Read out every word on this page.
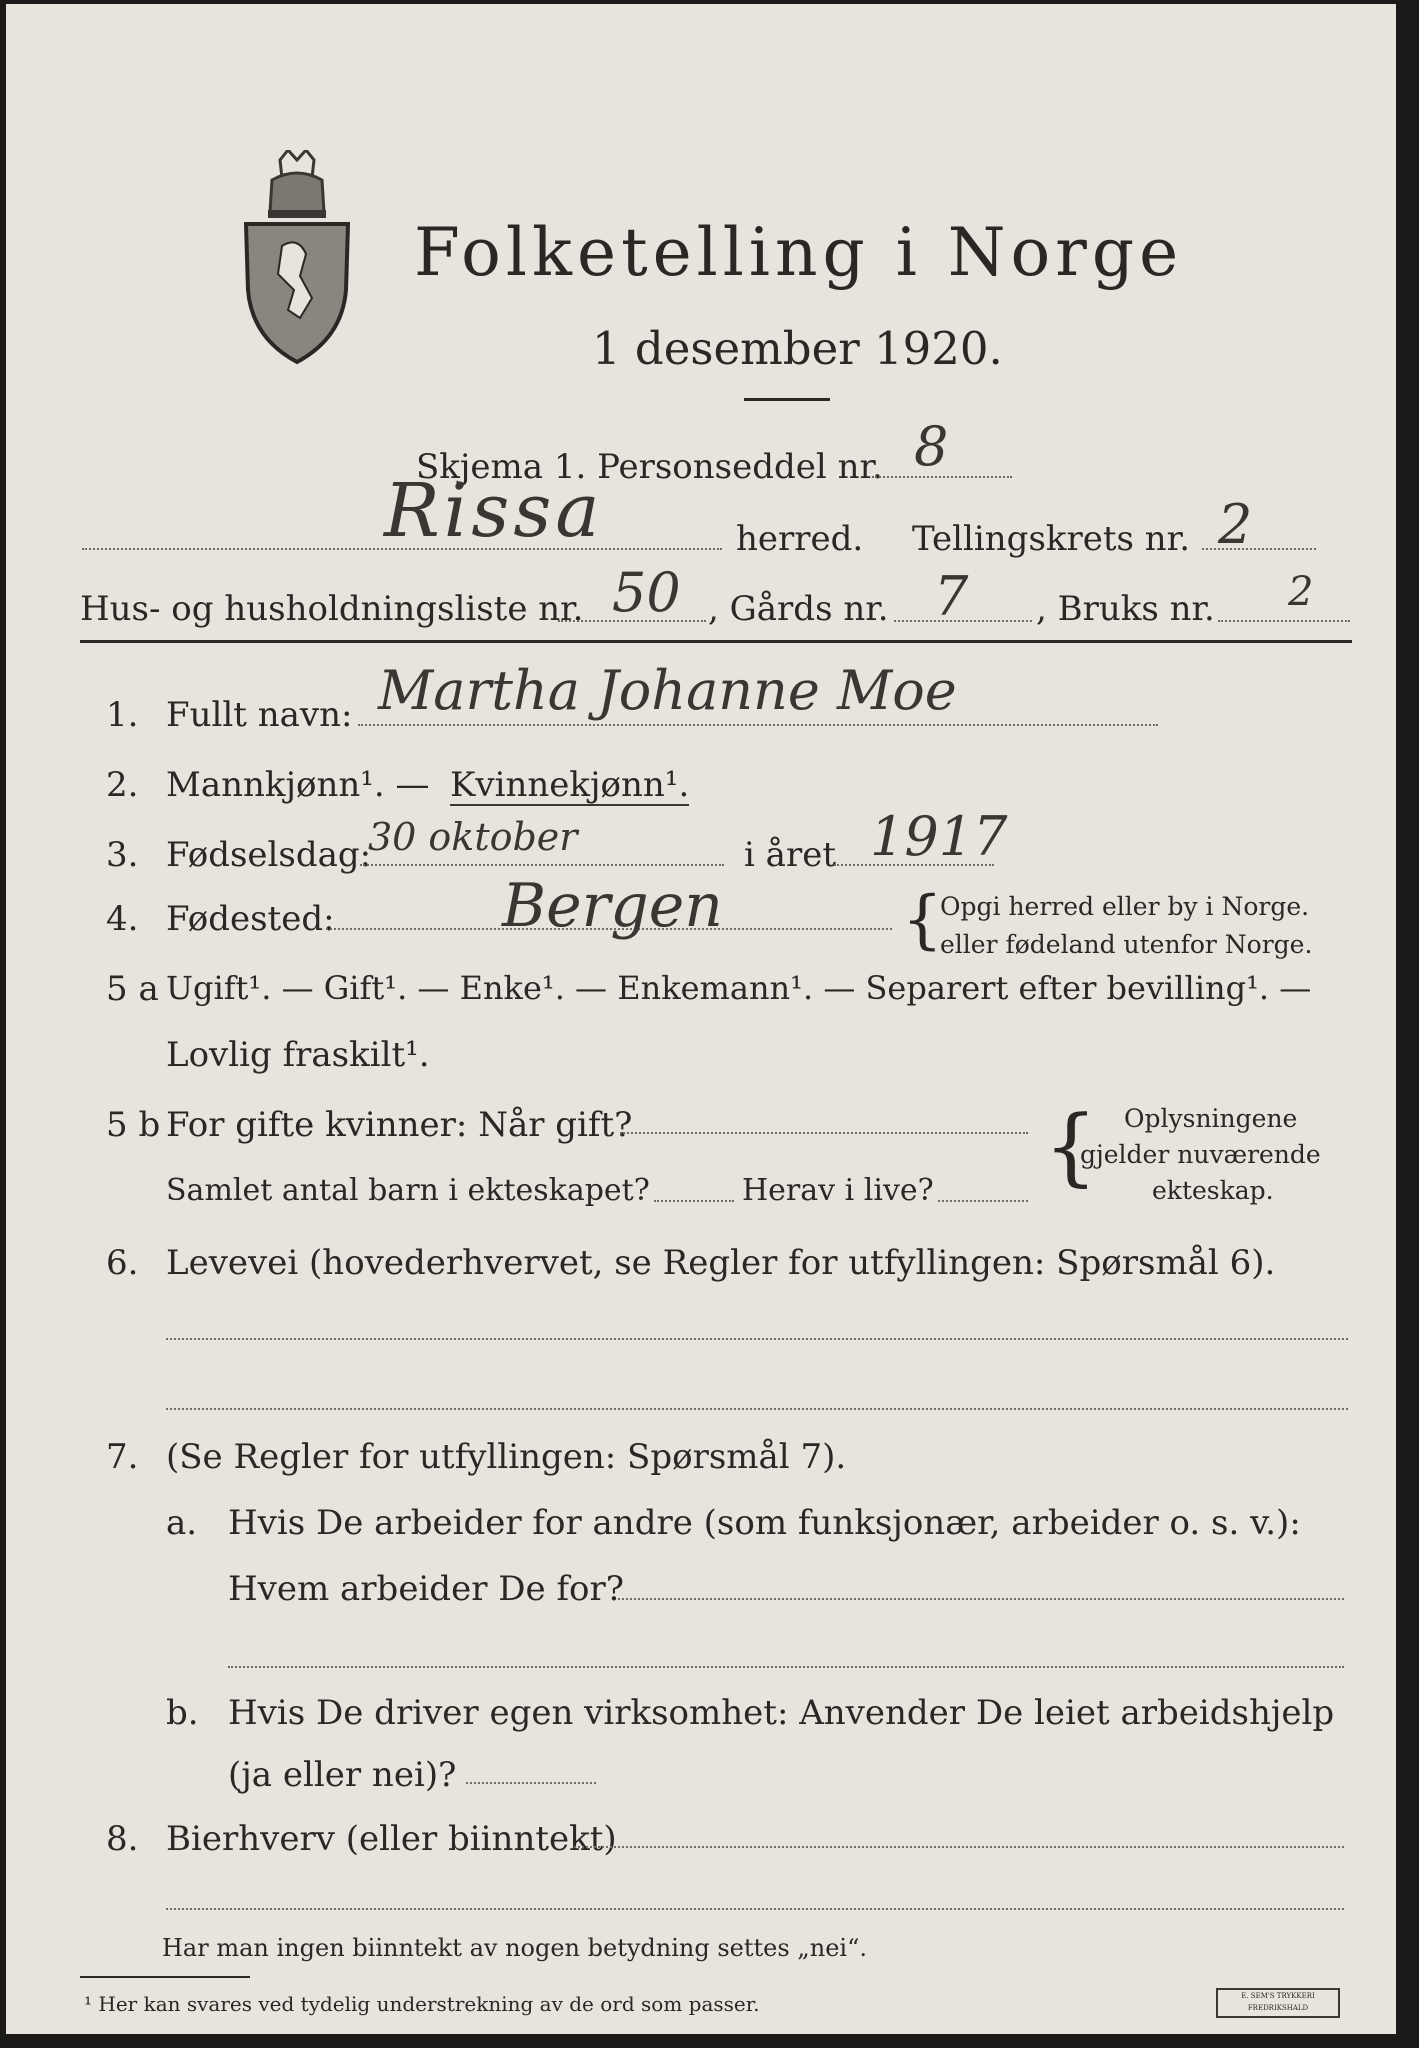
Folketelling i Norge
1 desember 1920.
Skjema 1. Personseddel nr. 8
Rissa	herred. Tellingskrets nr. 2
Hus- og husholdningsliste nr. 50 , Gårds nr. 7 , Bruks nr. 2
1. Fullt navn: Martha Johanne Moe
2. Mannkjønn¹. — Kvinnekjønn¹.
3. Fødselsdag:
30 oktober	i året 1917
4. Fødested:	Bergen	{
Opgi herred eller by i Norge.
eller fødeland utenfor Norge.
5 a Ugift¹. — Gift¹. — Enke¹. — Enkemann¹. — Separert efter bevilling¹. —
Lovlig fraskilt¹.
5 b For gifte kvinner: Når gift?
Samlet antal barn i ekteskapet?	Herav i live? { Oplysningene
gjelder nuværende
ekteskap.
6. Levevei (hovederhvervet, se Regler for utfyllingen: Spørsmål 6).
7. (Se Regler for utfyllingen: Spørsmål 7).
a. Hvis De arbeider for andre (som funksjonær, arbeider o. s. v.):
Hvem arbeider De for?
b. Hvis De driver egen virksomhet: Anvender De leiet arbeidshjelp
(ja eller nei)?
8. Bierhverv (eller biinntekt)
Har man ingen biinntekt av nogen betydning settes „nei“.
¹ Her kan svares ved tydelig understrekning av de ord som passer.	E. SEM'S TRYKKERI FREDRIKSHALD
